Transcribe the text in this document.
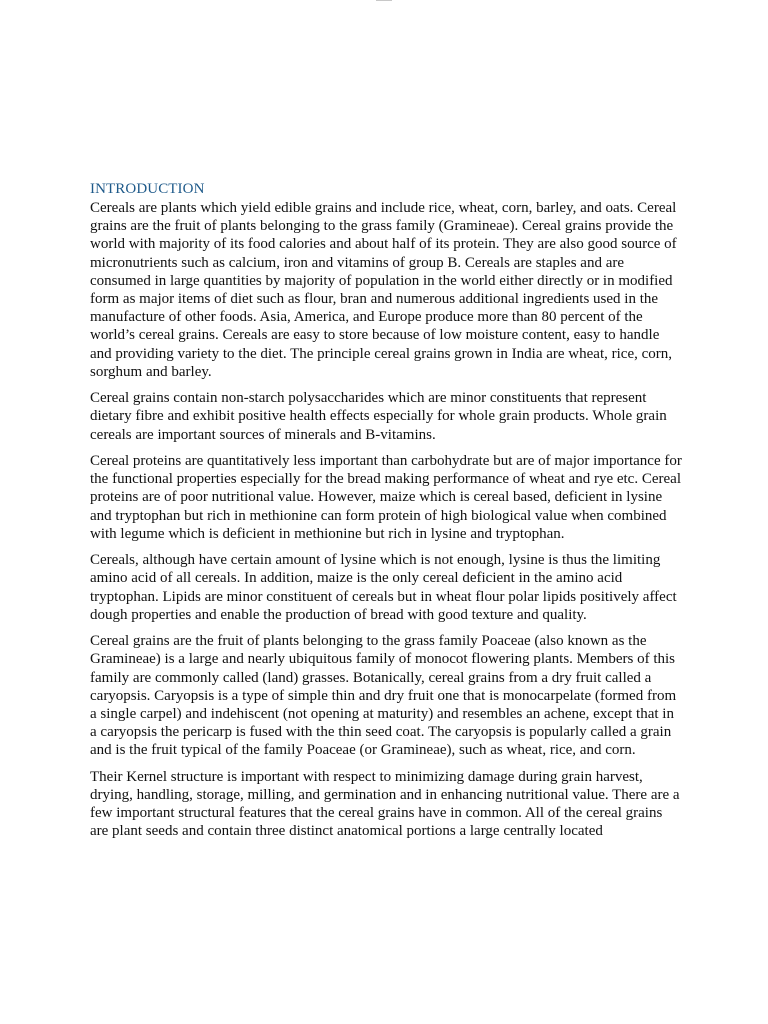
INTRODUCTION

Cereals are plants which yield edible grains and include rice, wheat, corn, barley, and oats. Cereal grains are the fruit of plants belonging to the grass family (Gramineae). Cereal grains provide the world with majority of its food calories and about half of its protein. They are also good source of micronutrients such as calcium, iron and vitamins of group B. Cereals are staples and are consumed in large quantities by majority of population in the world either directly or in modified form as major items of diet such as flour, bran and numerous additional ingredients used in the manufacture of other foods. Asia, America, and Europe produce more than 80 percent of the world’s cereal grains. Cereals are easy to store because of low moisture content, easy to handle and providing variety to the diet. The principle cereal grains grown in India are wheat, rice, corn, sorghum and barley.

Cereal grains contain non-starch polysaccharides which are minor constituents that represent dietary fibre and exhibit positive health effects especially for whole grain products. Whole grain cereals are important sources of minerals and B-vitamins.

Cereal proteins are quantitatively less important than carbohydrate but are of major importance for the functional properties especially for the bread making performance of wheat and rye etc. Cereal proteins are of poor nutritional value. However, maize which is cereal based, deficient in lysine and tryptophan but rich in methionine can form protein of high biological value when combined with legume which is deficient in methionine but rich in lysine and tryptophan.

Cereals, although have certain amount of lysine which is not enough, lysine is thus the limiting amino acid of all cereals. In addition, maize is the only cereal deficient in the amino acid tryptophan. Lipids are minor constituent of cereals but in wheat flour polar lipids positively affect dough properties and enable the production of bread with good texture and quality.

Cereal grains are the fruit of plants belonging to the grass family Poaceae (also known as the Gramineae) is a large and nearly ubiquitous family of monocot flowering plants. Members of this family are commonly called (land) grasses. Botanically, cereal grains from a dry fruit called a caryopsis. Caryopsis is a type of simple thin and dry fruit one that is monocarpelate (formed from a single carpel) and indehiscent (not opening at maturity) and resembles an achene, except that in a caryopsis the pericarp is fused with the thin seed coat. The caryopsis is popularly called a grain and is the fruit typical of the family Poaceae (or Gramineae), such as wheat, rice, and corn.

Their Kernel structure is important with respect to minimizing damage during grain harvest, drying, handling, storage, milling, and germination and in enhancing nutritional value. There are a few important structural features that the cereal grains have in common. All of the cereal grains are plant seeds and contain three distinct anatomical portions a large centrally located
